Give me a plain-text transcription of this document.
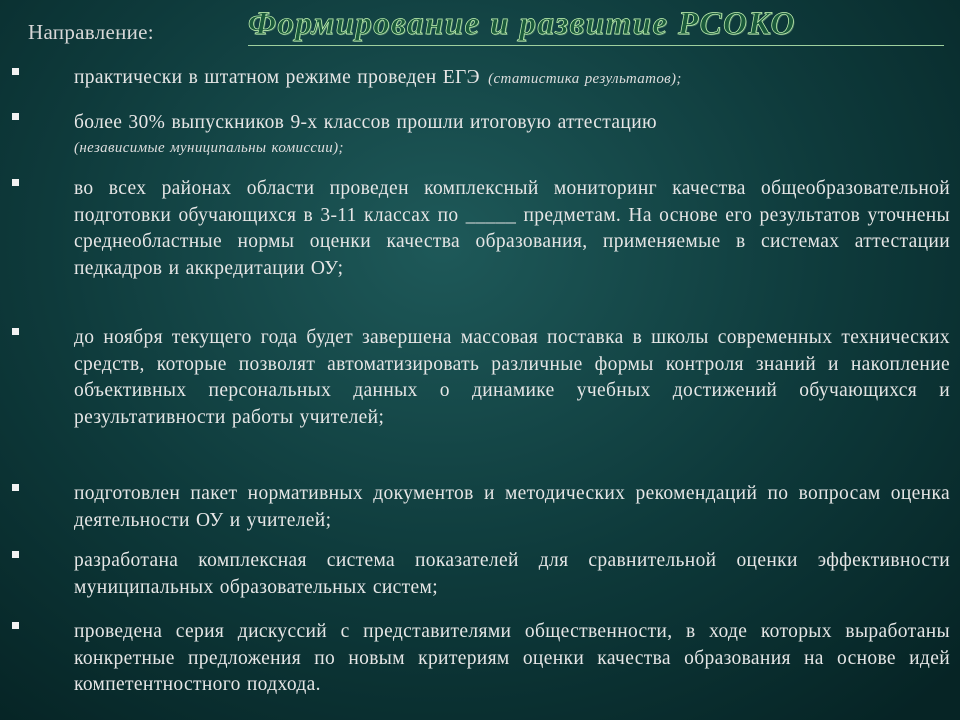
Направление:	Формирование и развитие РСОКО
практически в штатном режиме проведен ЕГЭ (статистика результатов);
более 30% выпускников 9-х классов прошли итоговую аттестацию
(независимые муниципальны комиссии);
во всех районах области проведен комплексный мониторинг качества общеобразовательной подготовки обучающихся в 3-11 классах по _____ предметам. На основе его результатов уточнены среднеобластные нормы оценки качества образования, применяемые в системах аттестации педкадров и аккредитации ОУ;
до ноября текущего года будет завершена массовая поставка в школы современных технических средств, которые позволят автоматизировать различные формы контроля знаний и накопление объективных персональных данных о динамике учебных достижений обучающихся и результативности работы учителей;
подготовлен пакет нормативных документов и методических рекомендаций по вопросам оценка деятельности ОУ и учителей;
разработана комплексная система показателей для сравнительной оценки эффективности муниципальных образовательных систем;
проведена серия дискуссий с представителями общественности, в ходе которых выработаны конкретные предложения по новым критериям оценки качества образования на основе идей компетентностного подхода.
